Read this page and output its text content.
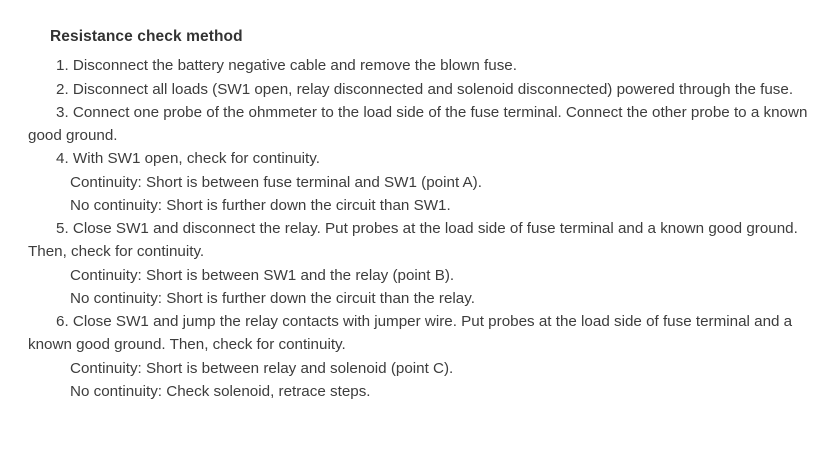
Resistance check method

1. Disconnect the battery negative cable and remove the blown fuse.

2. Disconnect all loads (SW1 open, relay disconnected and solenoid disconnected) powered through the fuse.

3. Connect one probe of the ohmmeter to the load side of the fuse terminal. Connect the other probe to a known good ground.

4. With SW1 open, check for continuity.

Continuity: Short is between fuse terminal and SW1 (point A).

No continuity: Short is further down the circuit than SW1.

5. Close SW1 and disconnect the relay. Put probes at the load side of fuse terminal and a known good ground. Then, check for continuity.

Continuity: Short is between SW1 and the relay (point B).

No continuity: Short is further down the circuit than the relay.

6. Close SW1 and jump the relay contacts with jumper wire. Put probes at the load side of fuse terminal and a known good ground. Then, check for continuity.

Continuity: Short is between relay and solenoid (point C).

No continuity: Check solenoid, retrace steps.
